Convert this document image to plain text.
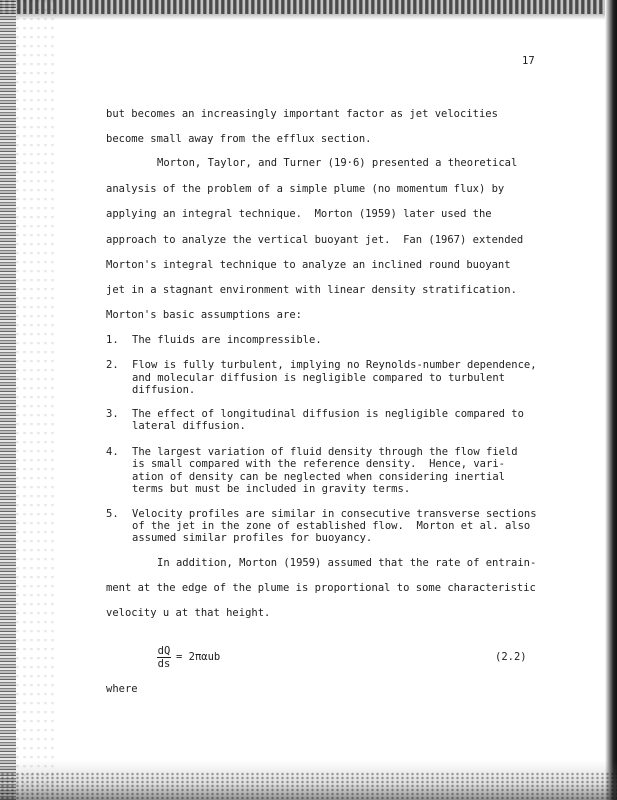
17
but becomes an increasingly important factor as jet velocities
become small away from the efflux section.
Morton, Taylor, and Turner (19·6) presented a theoretical
analysis of the problem of a simple plume (no momentum flux) by
applying an integral technique.  Morton (1959) later used the
approach to analyze the vertical buoyant jet.  Fan (1967) extended
Morton's integral technique to analyze an inclined round buoyant
jet in a stagnant environment with linear density stratification.
Morton's basic assumptions are:
1. The fluids are incompressible.
2. Flow is fully turbulent, implying no Reynolds-number dependence,
and molecular diffusion is negligible compared to turbulent
diffusion.
3. The effect of longitudinal diffusion is negligible compared to
lateral diffusion.
4. The largest variation of fluid density through the flow field
is small compared with the reference density.  Hence, vari-
ation of density can be neglected when considering inertial
terms but must be included in gravity terms.
5. Velocity profiles are similar in consecutive transverse sections
of the jet in the zone of established flow.  Morton et al. also
assumed similar profiles for buoyancy.
In addition, Morton (1959) assumed that the rate of entrain-
ment at the edge of the plume is proportional to some characteristic
velocity u at that height.
dQ
ds
= 2παub	(2.2)
where
